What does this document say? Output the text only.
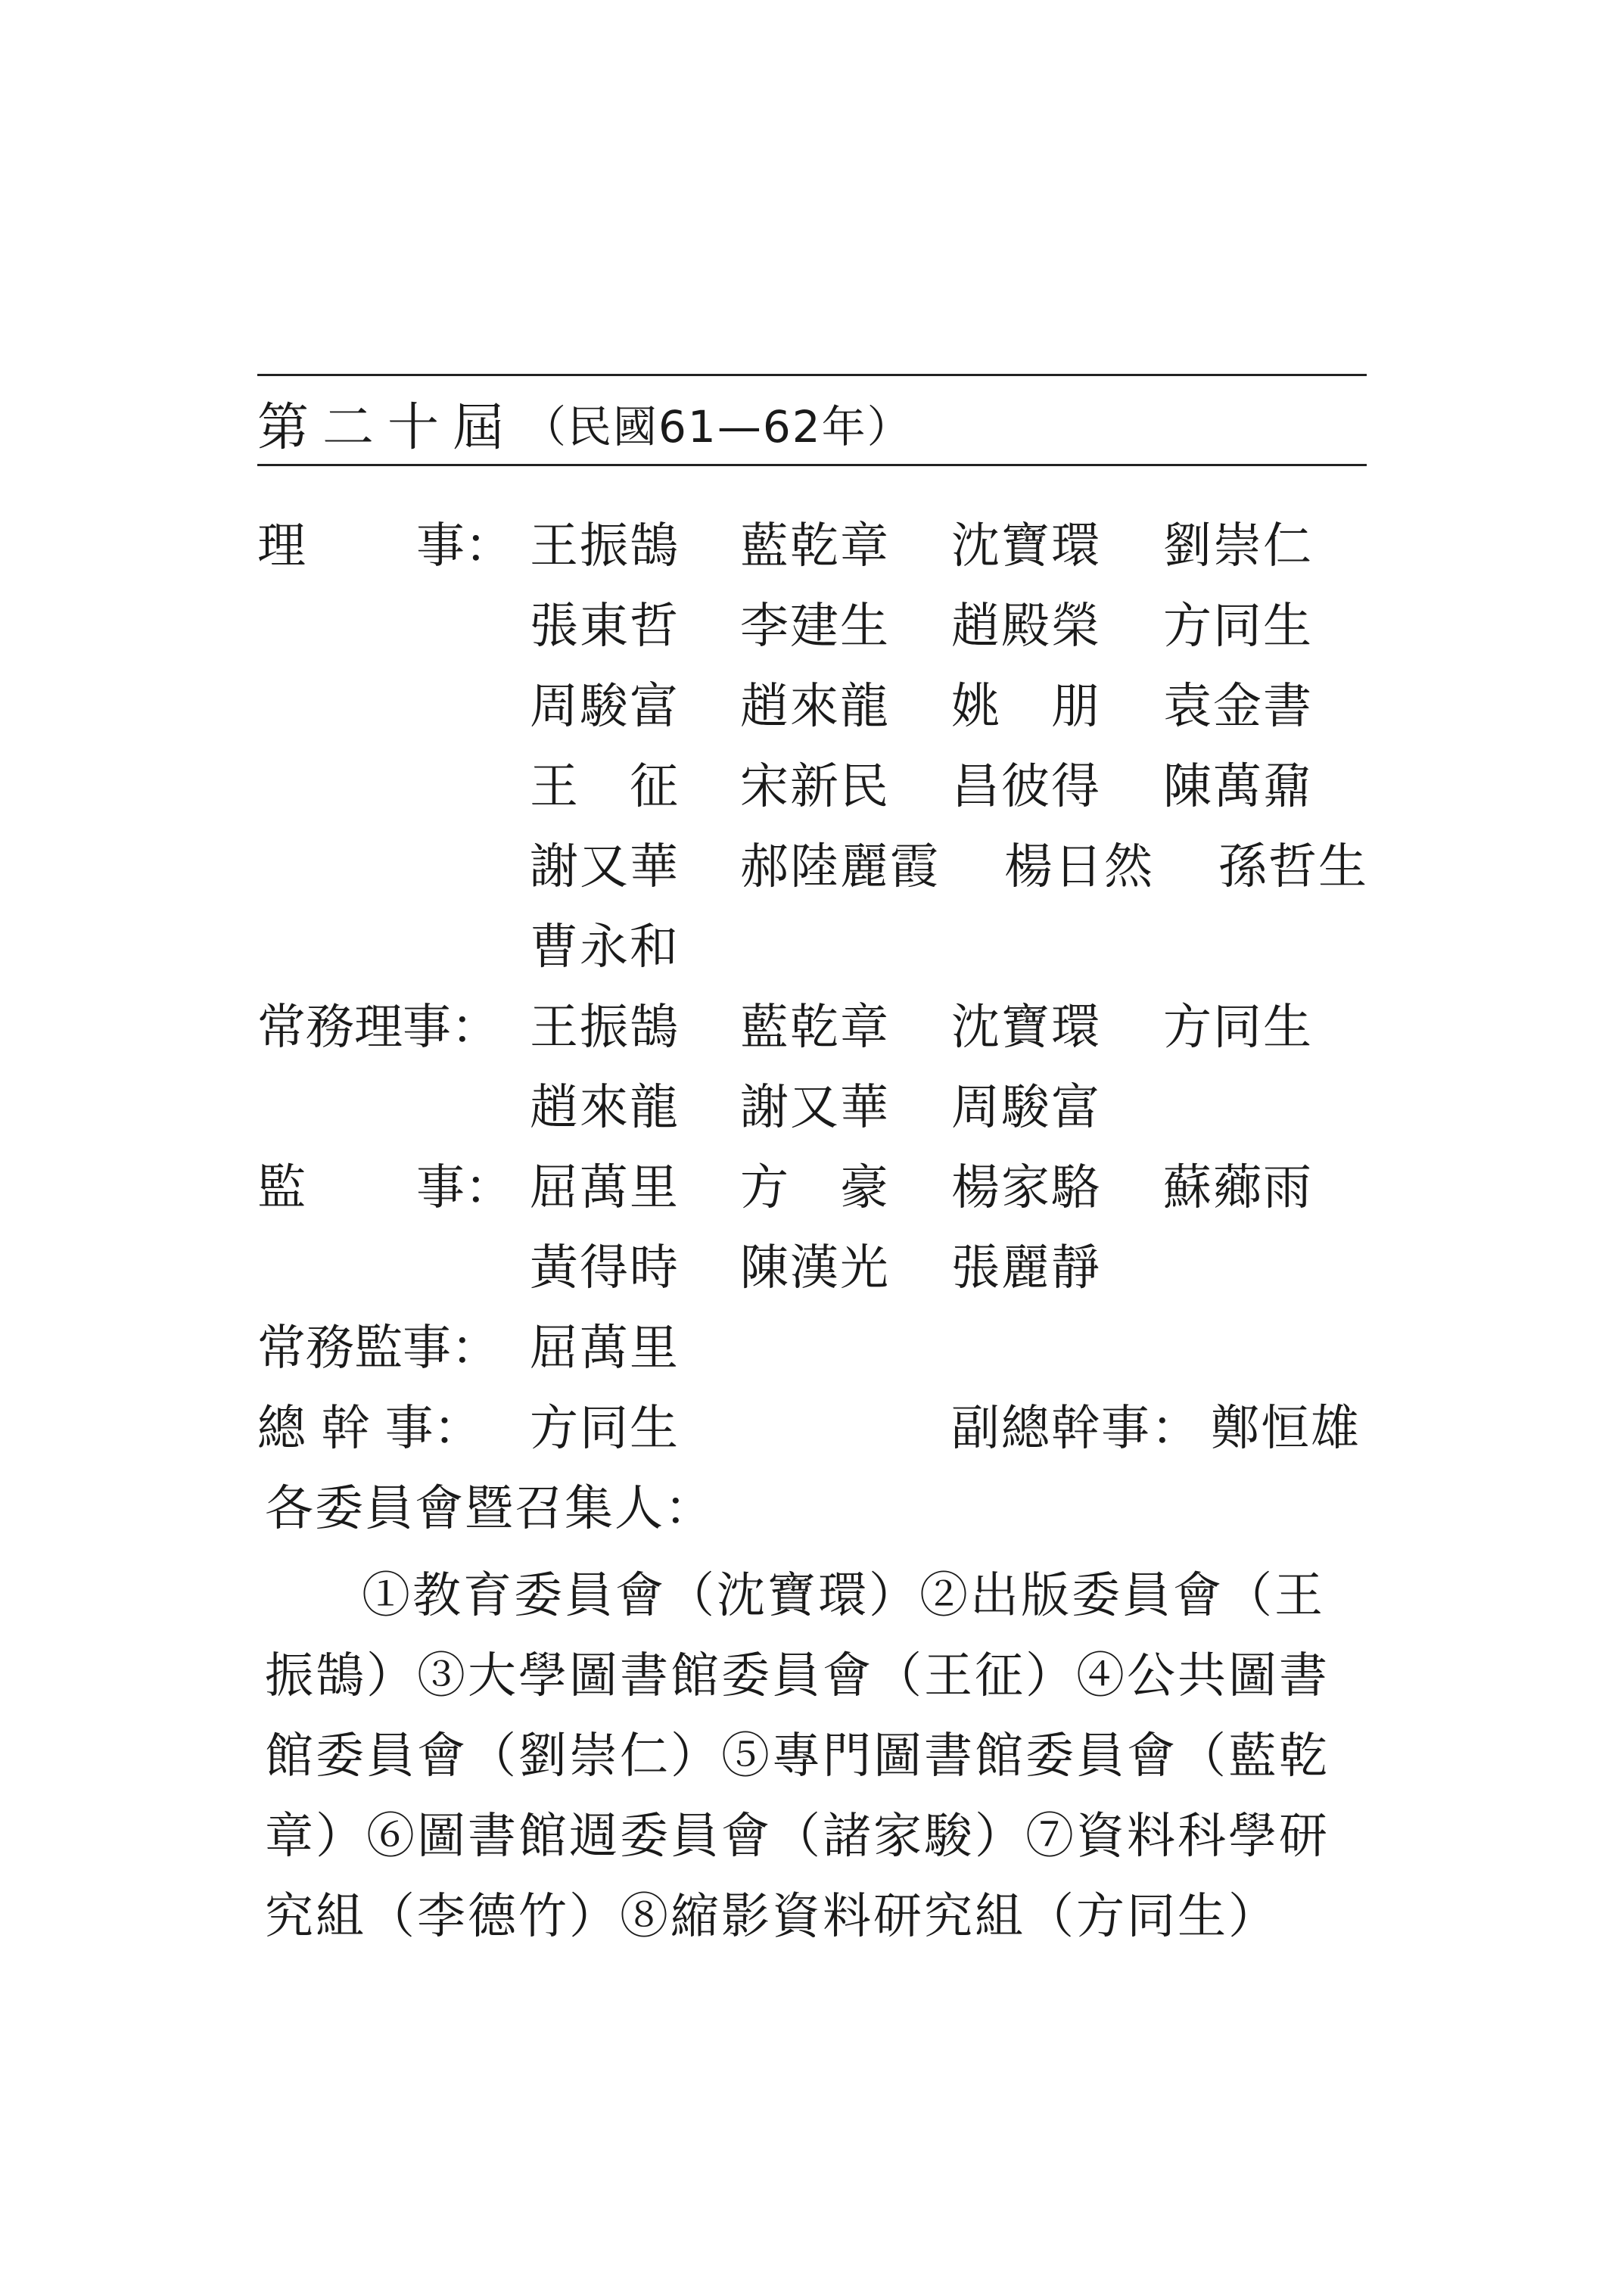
第二十屆 （民國61—62年）
理 事： 王振鵠 藍乾章 沈寶環 劉崇仁
張東哲 李建生 趙殿榮 方同生
周駿富 趙來龍 姚　朋 袁金書
王　征 宋新民 昌彼得 陳萬鼐
謝又華 郝陸麗霞 楊日然 孫哲生
曹永和
常務理事： 王振鵠 藍乾章 沈寶環 方同生
趙來龍 謝又華 周駿富
監 事： 屈萬里 方　豪 楊家駱 蘇薌雨
黃得時 陳漢光 張麗靜
常務監事： 屈萬里
總 幹 事： 方同生	副總幹事： 鄭恒雄
各委員會暨召集人：
①教育委員會（沈寶環）②出版委員會（王
振鵠）③大學圖書館委員會（王征）④公共圖書
館委員會（劉崇仁）⑤專門圖書館委員會（藍乾
章）⑥圖書館週委員會（諸家駿）⑦資料科學研
究組（李德竹）⑧縮影資料研究組（方同生）
